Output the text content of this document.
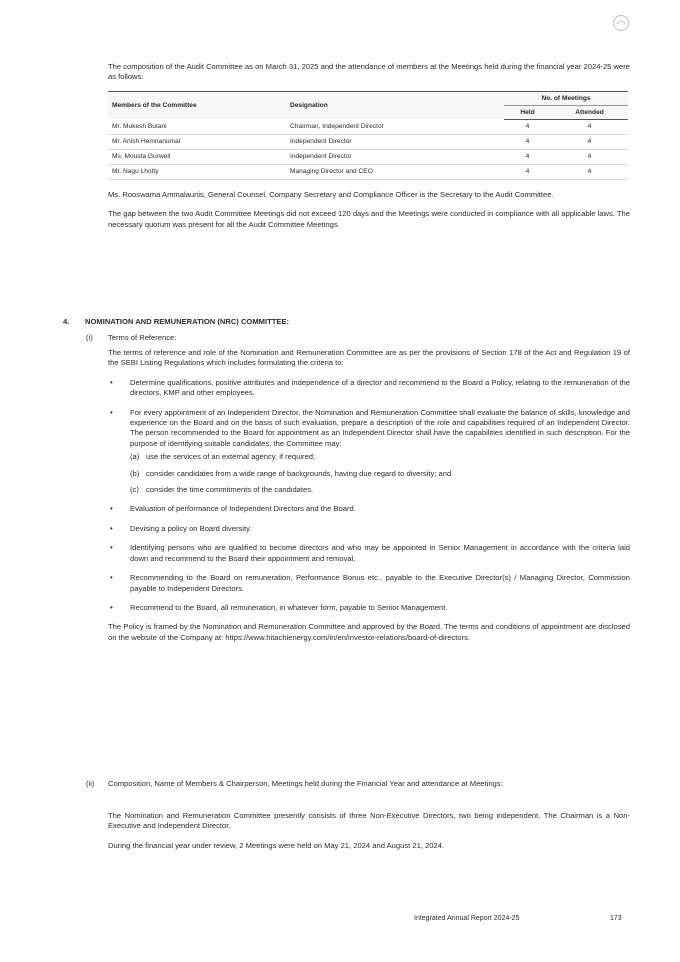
The composition of the Audit Committee as on March 31, 2025 and the attendance of members at the Meetings held during the financial year 2024-25 were as follows:

Members of the Committee	Designation	No. of Meetings	
		Held	Attended
Mr. Mukesh Butani	Chairman, Independent Director	4	4
Mr. Anish Hemnanumal	Independent Director	4	4
Ms. Mousta Gurwell	Independent Director	4	4
Mr. Nagu Lhotty	Managing Director and CEO	4	4

Ms. Rooswama Ammalaunis, General Counsel, Company Secretary and Compliance Officer is the Secretary to the Audit Committee.

The gap between the two Audit Committee Meetings did not exceed 120 days and the Meetings were conducted in compliance with all applicable laws. The necessary quorum was present for all the Audit Committee Meetings.

4. NOMINATION AND REMUNERATION (NRC) COMMITTEE:
(i) Terms of Reference:

The terms of reference and role of the Nomination and Remuneration Committee are as per the provisions of Section 178 of the Act and Regulation 19 of the SEBI Listing Regulations which includes formulating the criteria to:

• Determine qualifications, positive attributes and independence of a director and recommend to the Board a Policy, relating to the remuneration of the directors, KMP and other employees.
• For every appointment of an Independent Director, the Nomination and Remuneration Committee shall evaluate the balance of skills, knowledge and experience on the Board and on the basis of such evaluation, prepare a description of the role and capabilities required of an Independent Director. The person recommended to the Board for appointment as an Independent Director shall have the capabilities identified in such description. For the purpose of identifying suitable candidates, the Committee may:
(a) use the services of an external agency, if required;
(b) consider candidates from a wide range of backgrounds, having due regard to diversity; and
(c) consider the time commitments of the candidates.
• Evaluation of performance of Independent Directors and the Board.
• Devising a policy on Board diversity.
• Identifying persons who are qualified to become directors and who may be appointed in Senior Management in accordance with the criteria laid down and recommend to the Board their appointment and removal.
• Recommending to the Board on remuneration, Performance Bonus etc., payable to the Executive Director(s) / Managing Director, Commission payable to Independent Directors.
• Recommend to the Board, all remuneration, in whatever form, payable to Senior Management.

The Policy is framed by the Nomination and Remuneration Committee and approved by the Board. The terms and conditions of appointment are disclosed on the website of the Company at: https://www.hitachienergy.com/in/en/investor-relations/board-of-directors.

(ii) Composition, Name of Members & Chairperson, Meetings held during the Financial Year and attendance at Meetings:

The Nomination and Remuneration Committee presently consists of three Non-Executive Directors, two being independent. The Chairman is a Non-Executive and Independent Director.

During the financial year under review, 2 Meetings were held on May 21, 2024 and August 21, 2024.

Integrated Annual Report 2024-25	173
